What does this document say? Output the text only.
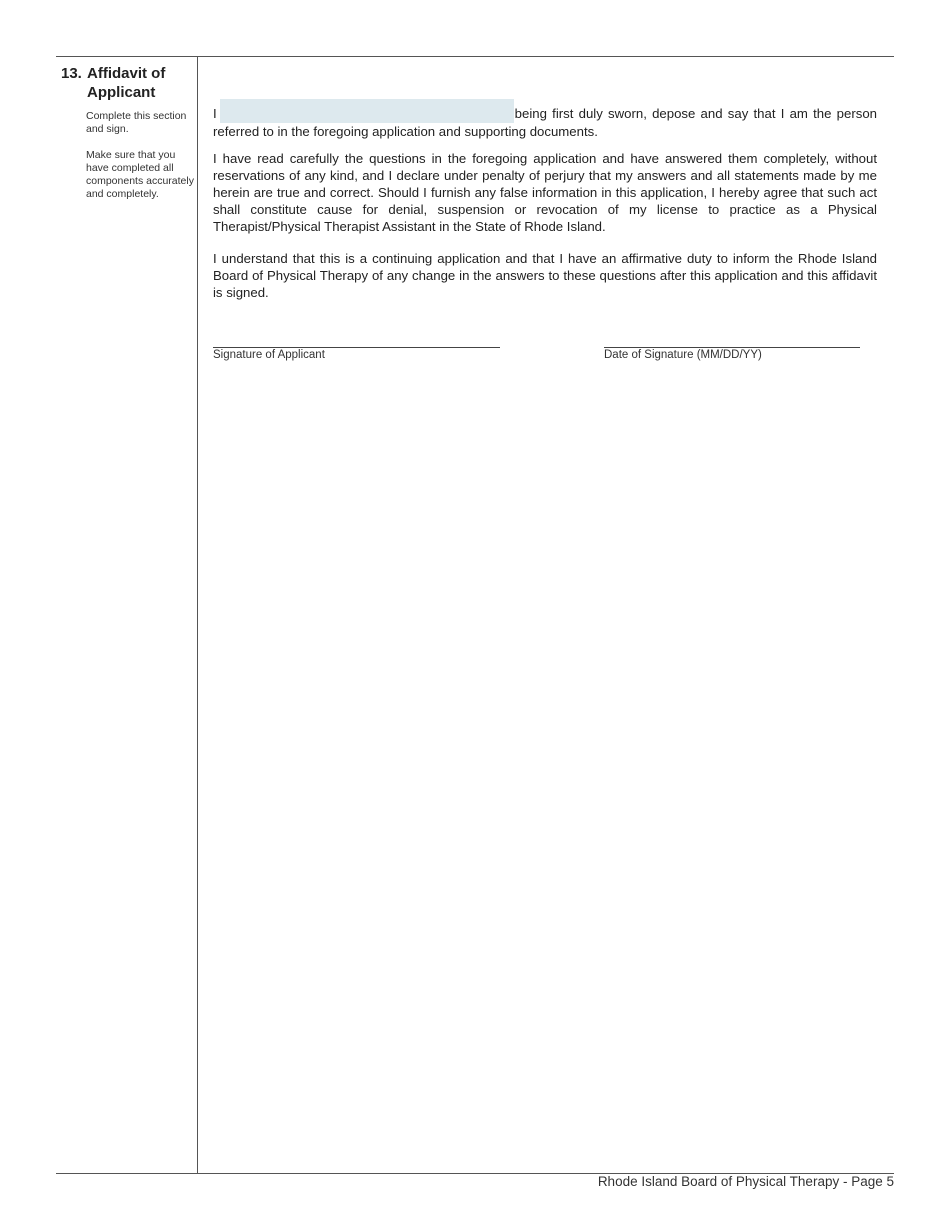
13. Affidavit of
Applicant
Complete this section and sign.
Make sure that you have completed all components accurately and completely.
I	being first duly sworn, depose and say that I am the person referred to in the foregoing application and supporting documents.
I have read carefully the questions in the foregoing application and have answered them completely, without reservations of any kind, and I declare under penalty of perjury that my answers and all statements made by me herein are true and correct. Should I furnish any false information in this application, I hereby agree that such act shall constitute cause for denial, suspension or revocation of my license to practice as a Physical Therapist/Physical Therapist Assistant in the State of Rhode Island.
I understand that this is a continuing application and that I have an affirmative duty to inform the Rhode Island Board of Physical Therapy of any change in the answers to these questions after this application and this affidavit is signed.
Signature of Applicant	Date of Signature (MM/DD/YY)
Rhode Island Board of Physical Therapy - Page 5
